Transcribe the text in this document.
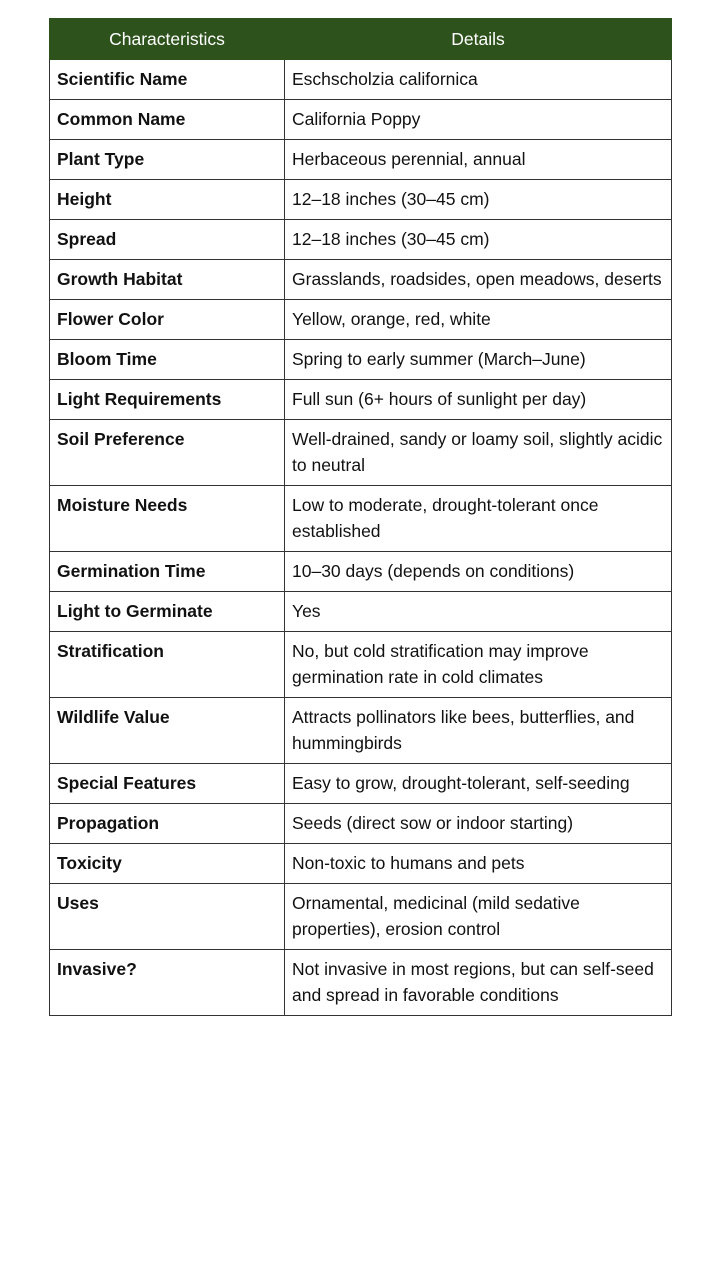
Characteristics	Details
Scientific Name	Eschscholzia californica
Common Name	California Poppy
Plant Type	Herbaceous perennial, annual
Height	12–18 inches (30–45 cm)
Spread	12–18 inches (30–45 cm)
Growth Habitat	Grasslands, roadsides, open meadows, deserts
Flower Color	Yellow, orange, red, white
Bloom Time	Spring to early summer (March–June)
Light Requirements	Full sun (6+ hours of sunlight per day)
Soil Preference	Well-drained, sandy or loamy soil, slightly acidic to neutral
Moisture Needs	Low to moderate, drought-tolerant once established
Germination Time	10–30 days (depends on conditions)
Light to Germinate	Yes
Stratification	No, but cold stratification may improve germination rate in cold climates
Wildlife Value	Attracts pollinators like bees, butterflies, and hummingbirds
Special Features	Easy to grow, drought-tolerant, self-seeding
Propagation	Seeds (direct sow or indoor starting)
Toxicity	Non-toxic to humans and pets
Uses	Ornamental, medicinal (mild sedative properties), erosion control
Invasive?	Not invasive in most regions, but can self-seed and spread in favorable conditions
